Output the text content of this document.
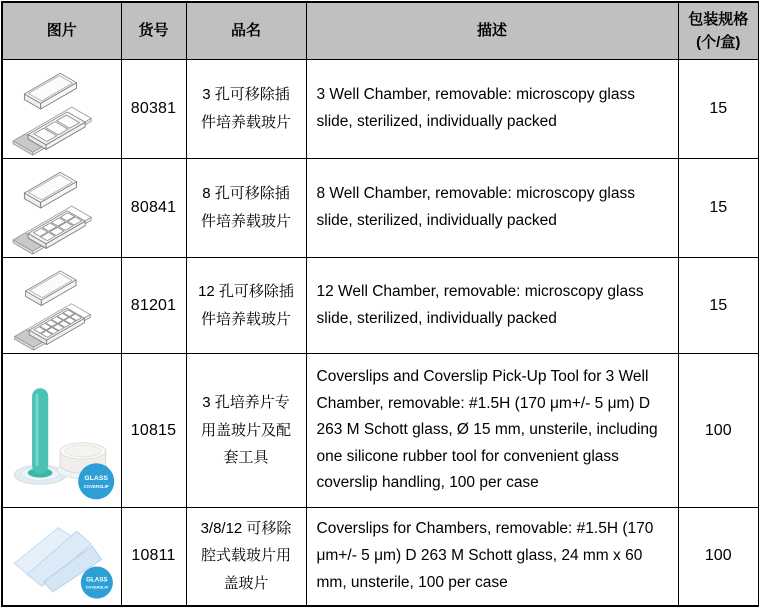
图片	货号	品名	描述	包装规格
(个/盒)

	80381	3 孔可移除插件培养载玻片	3 Well Chamber, removable: microscopy glass slide, sterilized, individually packed	15
	80841	8 孔可移除插件培养载玻片	8 Well Chamber, removable: microscopy glass slide, sterilized, individually packed	15
	81201	12 孔可移除插件培养载玻片	12 Well Chamber, removable: microscopy glass slide, sterilized, individually packed	15

GLASS
COVERSLIP	10815	3 孔培养片专用盖玻片及配套工具	Coverslips and Coverslip Pick-Up Tool for 3 Well Chamber, removable: #1.5H (170 μm+/- 5 μm) D 263 M Schott glass, Ø 15 mm, unsterile, including one silicone rubber tool for convenient glass coverslip handling, 100 per case	100

GLASS
COVERSLIP	10811	3/8/12 可移除腔式载玻片用盖玻片	Coverslips for Chambers, removable: #1.5H (170 μm+/- 5 μm) D 263 M Schott glass, 24 mm x 60 mm, unsterile, 100 per case	100
